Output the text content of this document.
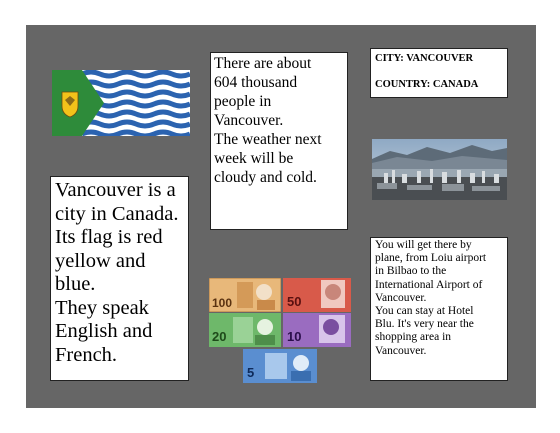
Vancouver is a
city in Canada.
Its flag is red
yellow and
blue.
They speak
English and
French.
There are about
604 thousand
people in
Vancouver.
The weather next
week will be
cloudy and cold.
CITY: VANCOUVER
COUNTRY: CANADA
You will get there by
plane, from Loiu airport
in Bilbao to the
International Airport of
Vancouver.
You can stay at Hotel
Blu. It's very near the
shopping area in
Vancouver.
100	50
20	10
5
